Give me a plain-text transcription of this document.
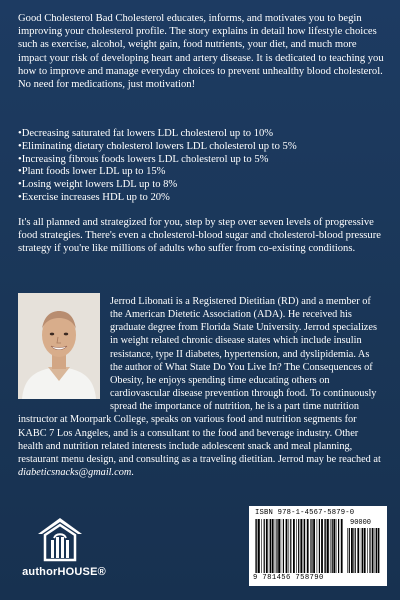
Good Cholesterol Bad Cholesterol educates, informs, and motivates you to begin improving your cholesterol profile. The story explains in detail how lifestyle choices such as exercise, alcohol, weight gain, food nutrients, your diet, and much more impact your risk of developing heart and artery disease. It is dedicated to teaching you how to improve and manage everyday choices to prevent unhealthy blood cholesterol. No need for medications, just motivation!

•Decreasing saturated fat lowers LDL cholesterol up to 10%
•Eliminating dietary cholesterol lowers LDL cholesterol up to 5%
•Increasing fibrous foods lowers LDL cholesterol up to 5%
•Plant foods lower LDL up to 15%
•Losing weight lowers LDL up to 8%
•Exercise increases HDL up to 20%

It's all planned and strategized for you, step by step over seven levels of progressive food strategies. There's even a cholesterol-blood sugar and cholesterol-blood pressure strategy if you're like millions of adults who suffer from co-existing conditions.

Jerrod Libonati is a Registered Dietitian (RD) and a member of the American Dietetic Association (ADA). He received his graduate degree from Florida State University. Jerrod specializes in weight related chronic disease states which include insulin resistance, type II diabetes, hypertension, and dyslipidemia. As the author of What State Do You Live In? The Consequences of Obesity, he enjoys spending time educating others on cardiovascular disease prevention through food. To continuously spread the importance of nutrition, he is a part time nutrition instructor at Moorpark College, speaks on various food and nutrition segments for KABC 7 Los Angeles, and is a consultant to the food and beverage industry. Other health and nutrition related interests include adolescent snack and meal planning, restaurant menu design, and consulting as a traveling dietitian. Jerrod may be reached at diabeticsnacks@gmail.com.

authorHOUSE®
ISBN 978-1-4567-5879-0
90000
9 781456 758790
